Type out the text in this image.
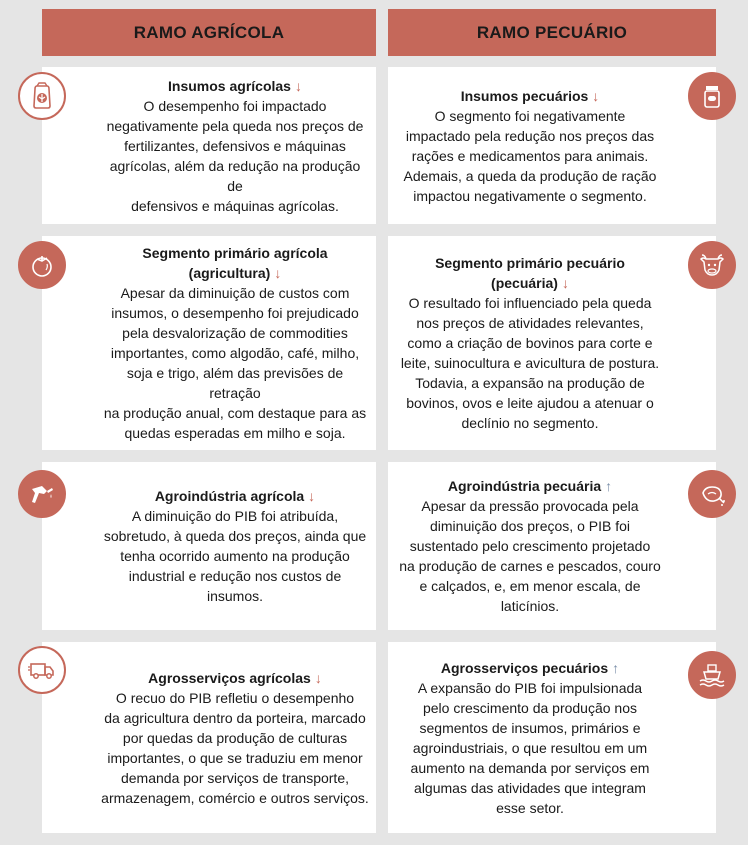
RAMO AGRÍCOLA	RAMO PECUÁRIO
Insumos agrícolas ↓
O desempenho foi impactado
negativamente pela queda nos preços de
fertilizantes, defensivos e máquinas
agrícolas, além da redução na produção de
defensivos e máquinas agrícolas.
Segmento primário agrícola
(agricultura) ↓
Apesar da diminuição de custos com
insumos, o desempenho foi prejudicado
pela desvalorização de commodities
importantes, como algodão, café, milho,
soja e trigo, além das previsões de retração
na produção anual, com destaque para as
quedas esperadas em milho e soja.
Agroindústria agrícola ↓
A diminuição do PIB foi atribuída,
sobretudo, à queda dos preços, ainda que
tenha ocorrido aumento na produção
industrial e redução nos custos de insumos.
Agrosserviços agrícolas ↓
O recuo do PIB refletiu o desempenho
da agricultura dentro da porteira, marcado
por quedas da produção de culturas
importantes, o que se traduziu em menor
demanda por serviços de transporte,
armazenagem, comércio e outros serviços.
Insumos pecuários ↓
O segmento foi negativamente
impactado pela redução nos preços das
rações e medicamentos para animais.
Ademais, a queda da produção de ração
impactou negativamente o segmento.
Segmento primário pecuário
(pecuária) ↓
O resultado foi influenciado pela queda
nos preços de atividades relevantes,
como a criação de bovinos para corte e
leite, suinocultura e avicultura de postura.
Todavia, a expansão na produção de
bovinos, ovos e leite ajudou a atenuar o
declínio no segmento.
Agroindústria pecuária ↑
Apesar da pressão provocada pela
diminuição dos preços, o PIB foi
sustentado pelo crescimento projetado
na produção de carnes e pescados, couro
e calçados, e, em menor escala, de
laticínios.
Agrosserviços pecuários ↑
A expansão do PIB foi impulsionada
pelo crescimento da produção nos
segmentos de insumos, primários e
agroindustriais, o que resultou em um
aumento na demanda por serviços em
algumas das atividades que integram
esse setor.
